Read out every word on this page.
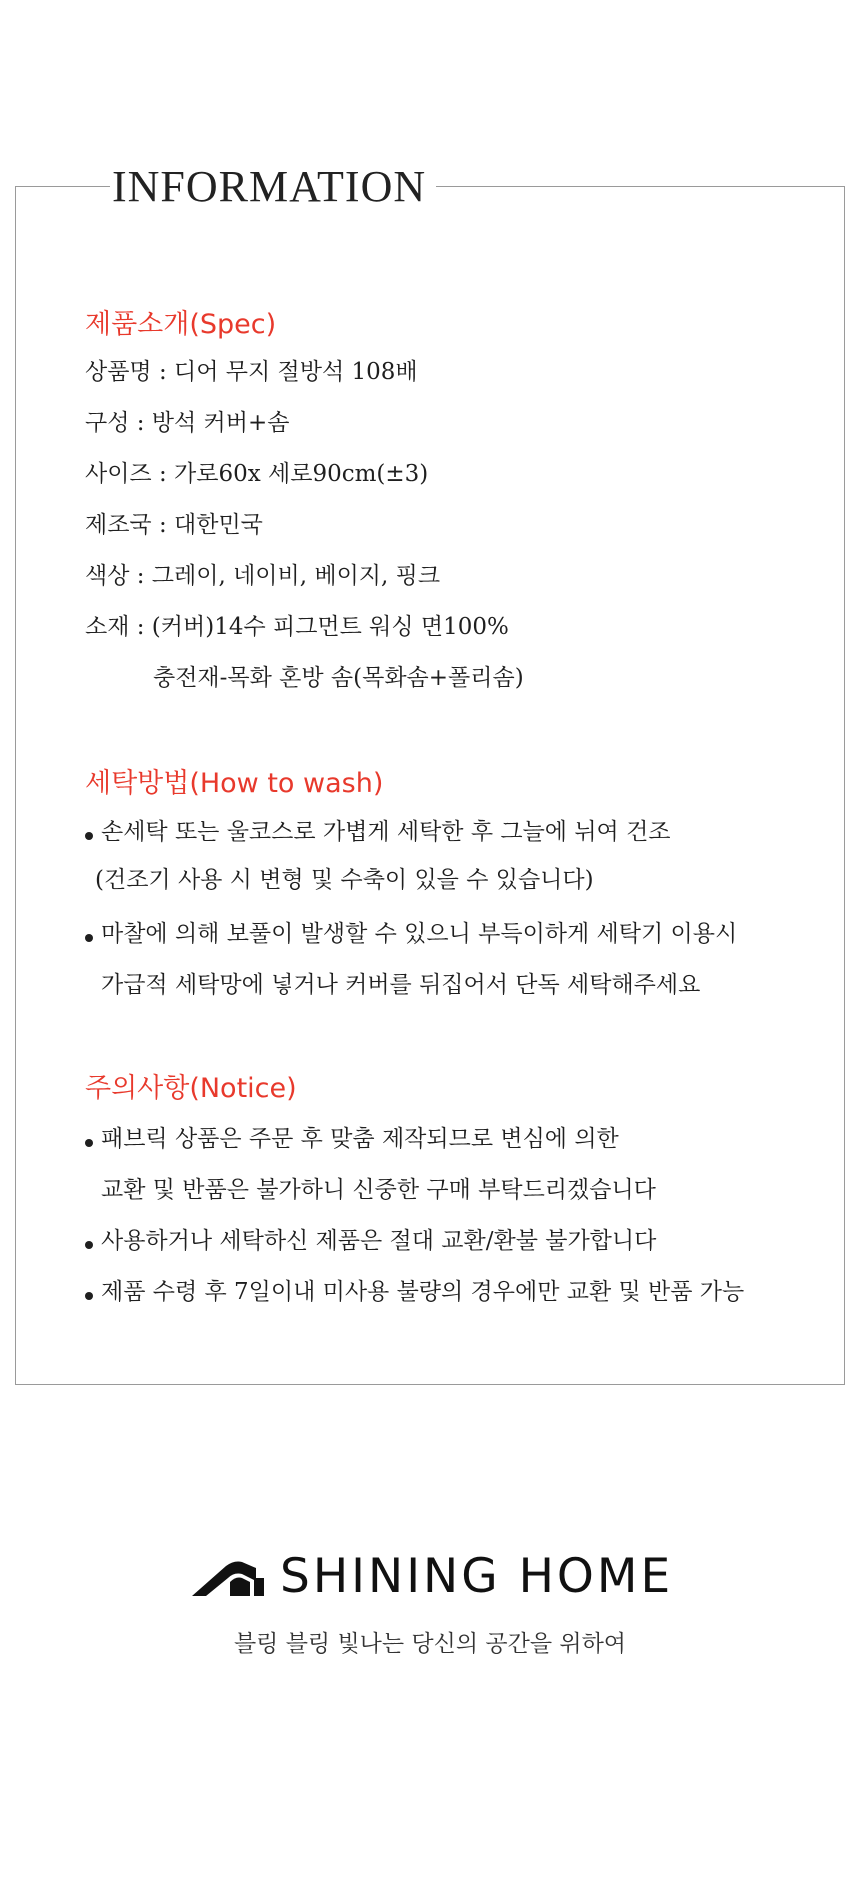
INFORMATION
제품소개(Spec)
상품명 : 디어 무지 절방석 108배
구성 : 방석 커버+솜
사이즈 : 가로60x 세로90cm(±3)
제조국 : 대한민국
색상 : 그레이, 네이비, 베이지, 핑크
소재 : (커버)14수 피그먼트 워싱 면100%
충전재-목화 혼방 솜(목화솜+폴리솜)
세탁방법(How to wash)
손세탁 또는 울코스로 가볍게 세탁한 후 그늘에 뉘여 건조
(건조기 사용 시 변형 및 수축이 있을 수 있습니다)
마찰에 의해 보풀이 발생할 수 있으니 부득이하게 세탁기 이용시
가급적 세탁망에 넣거나 커버를 뒤집어서 단독 세탁해주세요
주의사항(Notice)
패브릭 상품은 주문 후 맞춤 제작되므로 변심에 의한
교환 및 반품은 불가하니 신중한 구매 부탁드리겠습니다
사용하거나 세탁하신 제품은 절대 교환/환불 불가합니다
제품 수령 후 7일이내 미사용 불량의 경우에만 교환 및 반품 가능
SHINING HOME
블링 블링 빛나는 당신의 공간을 위하여
